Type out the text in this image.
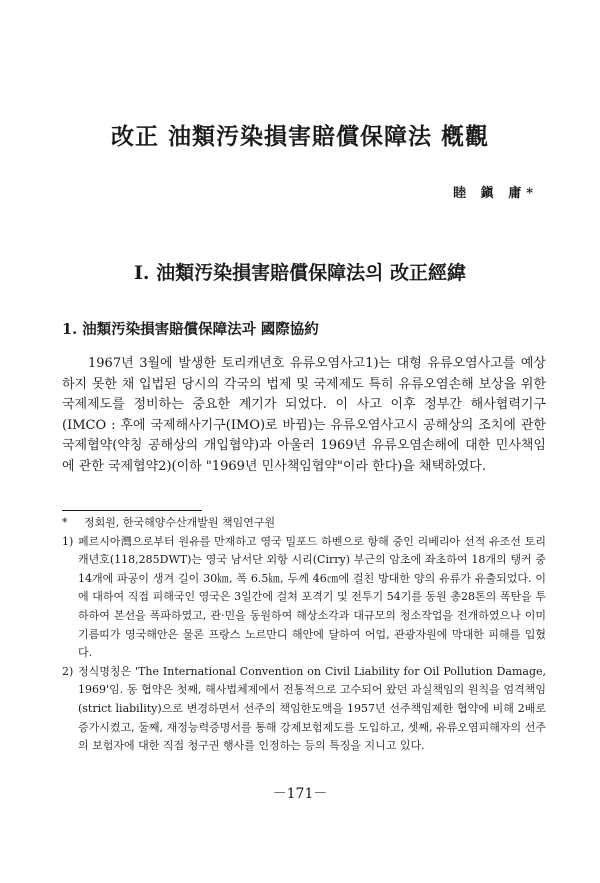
改正 油類汚染損害賠償保障法 槪觀
睦 鎭 庸*
Ⅰ. 油類汚染損害賠償保障法의 改正經緯
1. 油類汚染損害賠償保障法과 國際協約

1967년 3월에 발생한 토리캐년호 유류오염사고1)는 대형 유류오염사고를 예상하지 못한 채 입법된 당시의 각국의 법제 및 국제제도 특히 유류오염손해 보상을 위한 국제제도를 정비하는 중요한 계기가 되었다. 이 사고 이후 정부간 해사협력기구(IMCO : 후에 국제해사기구(IMO)로 바뀜)는 유류오염사고시 공해상의 조치에 관한 국제협약(약칭 공해상의 개입협약)과 아울러 1969년 유류오염손해에 대한 민사책임에 관한 국제협약2)(이하 "1969년 민사책임협약"이라 한다)을 채택하였다.

*	정회원, 한국해양수산개발원 책임연구원
1) 페르시아灣으로부터 원유를 만재하고 영국 밀포드 하벤으로 항해 중인 리베리아 선적 유조선 토리캐년호(118,285DWT)는 영국 남서단 외항 시리(Cirry) 부근의 암초에 좌초하여 18개의 탱커 중 14개에 파공이 생겨 길이 30㎞, 폭 6.5㎞, 두께 46㎝에 걸친 방대한 양의 유류가 유출되었다. 이에 대하여 직접 피해국인 영국은 3일간에 걸쳐 포격기 및 전투기 54기를 동원 총28톤의 폭탄을 투하하여 본선을 폭파하였고, 관·민을 동원하여 해상소각과 대규모의 청소작업을 전개하였으나 이미 기름띠가 영국해안은 물론 프랑스 노르만디 해안에 달하여 어업, 관광자원에 막대한 피해를 입혔다.
2) 정식명칭은 'The International Convention on Civil Liability for Oil Pollution Damage, 1969'임. 동 협약은 첫째, 해사법체제에서 전통적으로 고수되어 왔던 과실책임의 원칙을 엄격책임(strict liability)으로 변경하면서 선주의 책임한도액을 1957년 선주책임제한 협약에 비해 2배로 증가시켰고, 둘째, 재정능력증명서를 통해 강제보험제도를 도입하고, 셋째, 유류오염피해자의 선주의 보험자에 대한 직접 청구권 행사를 인정하는 등의 특징을 지니고 있다.
－171－
